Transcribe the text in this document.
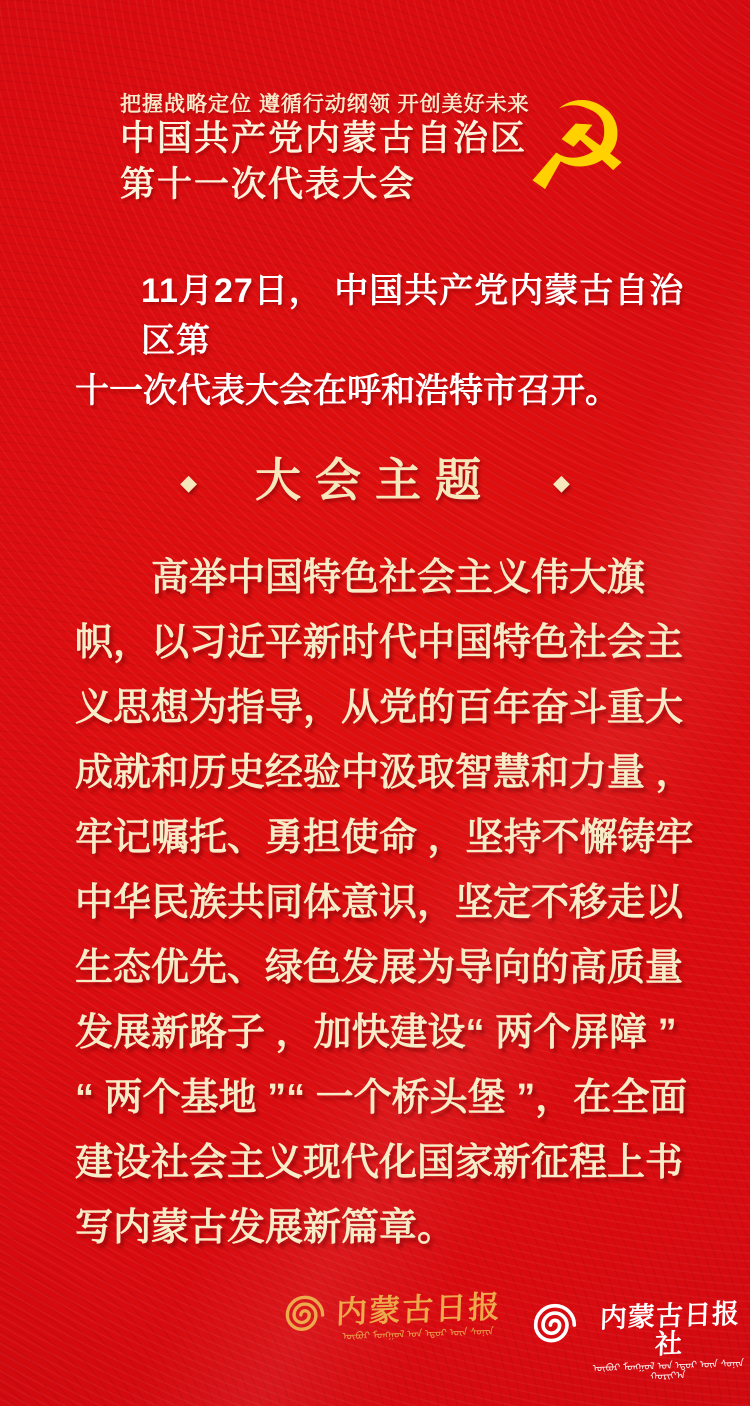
把握战略定位 遵循行动纲领 开创美好未来
中国共产党内蒙古自治区
第十一次代表大会 ☭
11月27日， 中国共产党内蒙古自治区第
十一次代表大会在呼和浩特市召开。
◆ 大会主题	◆
高举中国特色社会主义伟大旗
帜，以习近平新时代中国特色社会主
义思想为指导，从党的百年奋斗重大
成就和历史经验中汲取智慧和力量 ，
牢记嘱托、勇担使命 ，坚持不懈铸牢
中华民族共同体意识，坚定不移走以
生态优先、绿色发展为导向的高质量
发展新路子 ，加快建设“ 两个屏障 ”
“ 两个基地 ”“ 一个桥头堡 ”，在全面
建设社会主义现代化国家新征程上书
写内蒙古发展新篇章。
内蒙古日报
ᠥᠪᠥᠷ ᠮᠣᠩᠭᠣᠯ ᠤᠨ ᠡᠳᠦᠷ ᠦᠨ ᠰᠣᠨᠢᠨ
内蒙古日报社
ᠥᠪᠥᠷ ᠮᠣᠩᠭᠣᠯ ᠤᠨ ᠡᠳᠦᠷ ᠦᠨ ᠰᠣᠨᠢᠨ ᠬᠣᠷᠢᠶ᠎ᠠ
